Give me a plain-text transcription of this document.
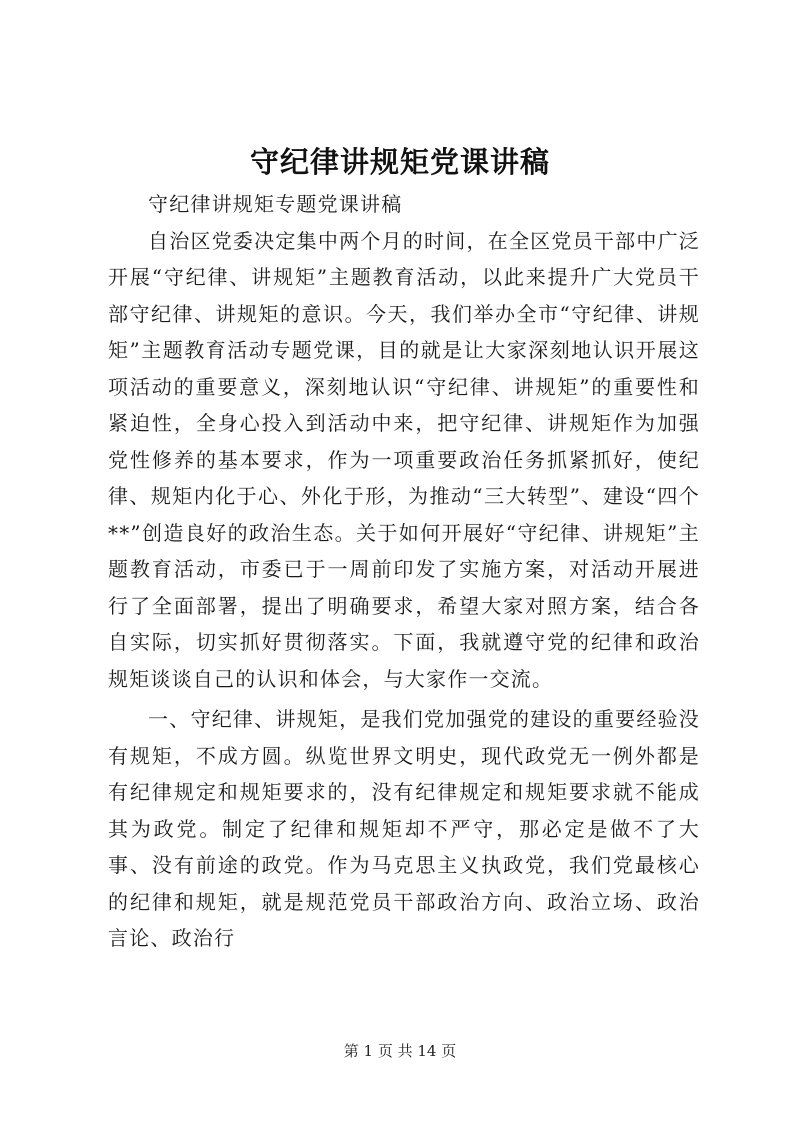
守纪律讲规矩党课讲稿

守纪律讲规矩专题党课讲稿

自治区党委决定集中两个月的时间，在全区党员干部中广泛开展“守纪律、讲规矩”主题教育活动，以此来提升广大党员干部守纪律、讲规矩的意识。今天，我们举办全市“守纪律、讲规矩”主题教育活动专题党课，目的就是让大家深刻地认识开展这项活动的重要意义，深刻地认识“守纪律、讲规矩”的重要性和紧迫性，全身心投入到活动中来，把守纪律、讲规矩作为加强党性修养的基本要求，作为一项重要政治任务抓紧抓好，使纪律、规矩内化于心、外化于形，为推动“三大转型”、建设“四个**”创造良好的政治生态。关于如何开展好“守纪律、讲规矩”主题教育活动，市委已于一周前印发了实施方案，对活动开展进行了全面部署，提出了明确要求，希望大家对照方案，结合各自实际，切实抓好贯彻落实。下面，我就遵守党的纪律和政治规矩谈谈自己的认识和体会，与大家作一交流。

一、守纪律、讲规矩，是我们党加强党的建设的重要经验没有规矩，不成方圆。纵览世界文明史，现代政党无一例外都是有纪律规定和规矩要求的，没有纪律规定和规矩要求就不能成其为政党。制定了纪律和规矩却不严守，那必定是做不了大事、没有前途的政党。作为马克思主义执政党，我们党最核心的纪律和规矩，就是规范党员干部政治方向、政治立场、政治言论、政治行

第 1 页 共 14 页
